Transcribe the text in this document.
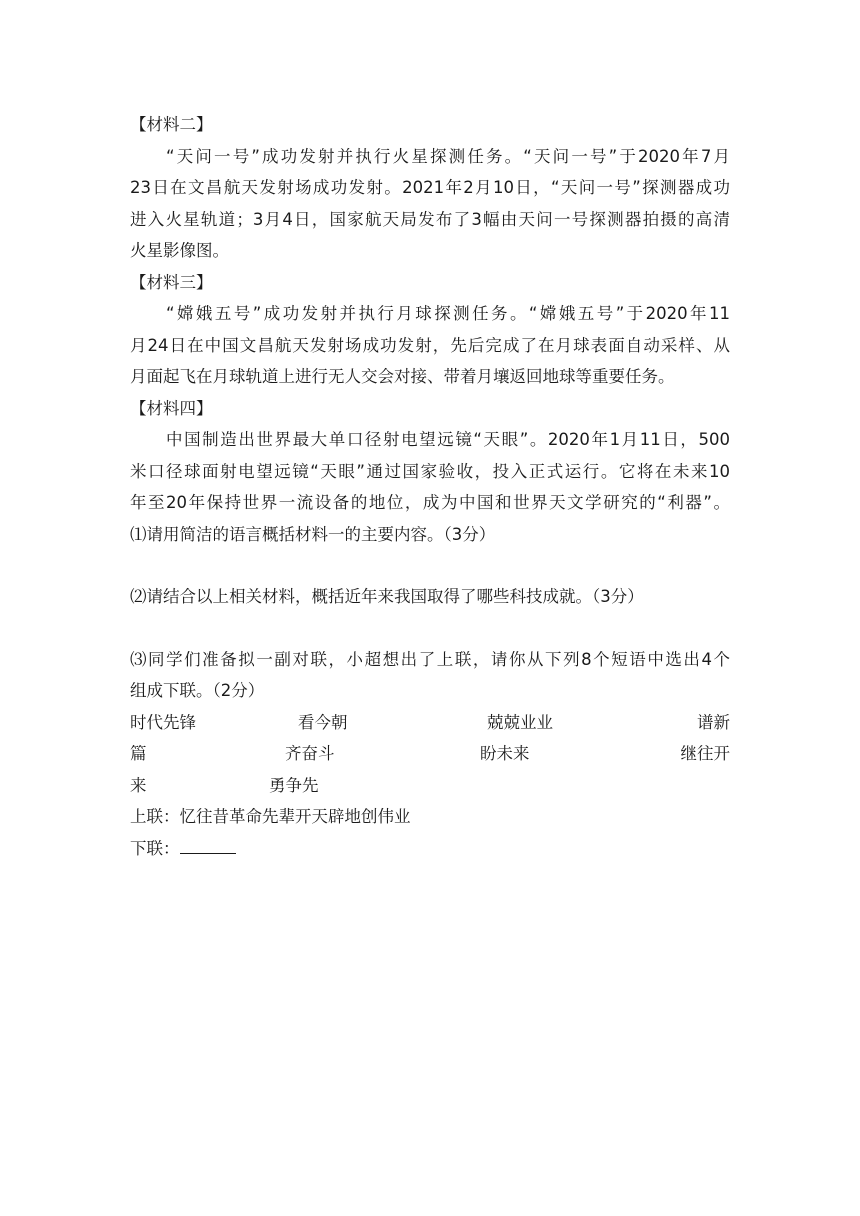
【材料二】
“天问一号”成功发射并执行火星探测任务。“天问一号”于2020年7月
23日在文昌航天发射场成功发射。2021年2月10日，“天问一号”探测器成功
进入火星轨道；3月4日，国家航天局发布了3幅由天问一号探测器拍摄的高清
火星影像图。
【材料三】
“嫦娥五号”成功发射并执行月球探测任务。“嫦娥五号”于2020年11
月24日在中国文昌航天发射场成功发射，先后完成了在月球表面自动采样、从
月面起飞在月球轨道上进行无人交会对接、带着月壤返回地球等重要任务。
【材料四】
中国制造出世界最大单口径射电望远镜“天眼”。2020年1月11日，500
米口径球面射电望远镜“天眼”通过国家验收，投入正式运行。它将在未来10
年至20年保持世界一流设备的地位，成为中国和世界天文学研究的“利器”。
⑴请用简洁的语言概括材料一的主要内容。（3分）
⑵请结合以上相关材料，概括近年来我国取得了哪些科技成就。（3分）
⑶同学们准备拟一副对联，小超想出了上联，请你从下列8个短语中选出4个
组成下联。（2分）
时代先锋	看今朝	兢兢业业	谱新
篇	齐奋斗	盼未来	继往开
来	勇争先
上联：忆往昔革命先辈开天辟地创伟业
下联：
